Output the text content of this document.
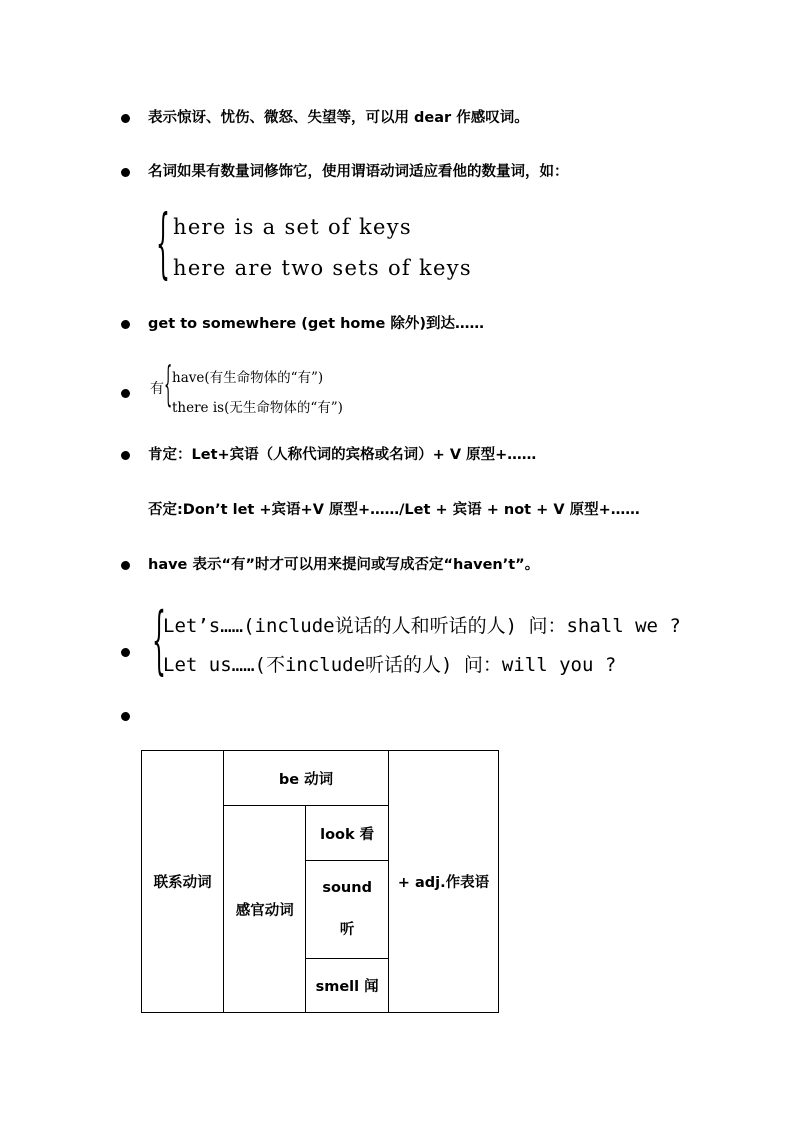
表示惊讶、忧伤、微怒、失望等，可以用 dear 作感叹词。
名词如果有数量词修饰它，使用谓语动词适应看他的数量词，如：
{ here is a set of keys
here are two sets of keys
get to somewhere (get home 除外)到达……
有 { have(有生命物体的“有”)
there is(无生命物体的“有”)
肯定：Let+宾语（人称代词的宾格或名词）+ V 原型+……
否定:Don’t let +宾语+V 原型+……/Let + 宾语 + not + V 原型+……
have 表示“有”时才可以用来提问或写成否定“haven’t”。
{
Let’s……(include说话的人和听话的人) 问：shall we ?
Let us……(不include听话的人) 问：will you ?
联系动词	be 动词		+ adj.作表语
	感官动词	look 看	

		sound
听	

		smell 闻	
